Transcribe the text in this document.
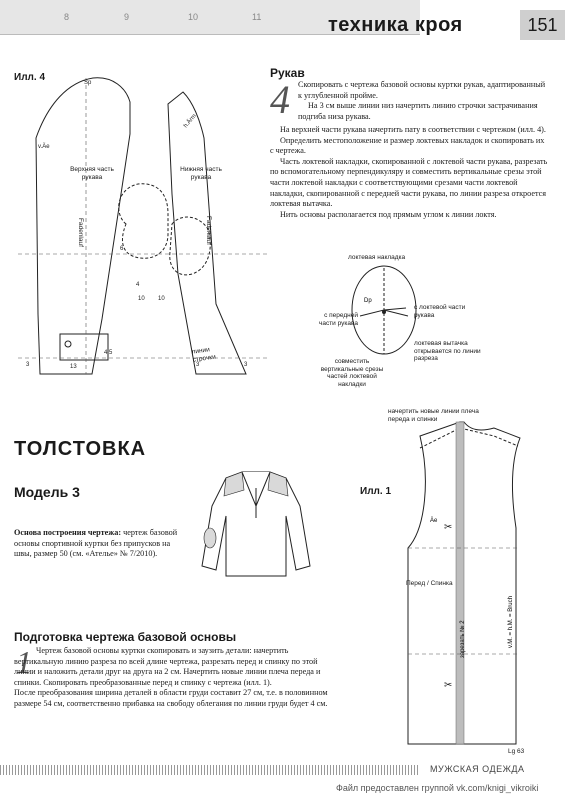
8	9	10	11	техника кроя	151
Илл. 4	Sp
v.Äe
h.Ärm
4
6
10 10
4,5
3	13	3	3
Верхняя часть рукава
Нижняя часть рукава
Fadenlauf	Fadenlauf
линии строчки
Рукав
4 Скопировать с чертежа базовой основы куртки рукав, адаптированный к углубленной пройме.

На 3 см выше линии низ начертить линию строчки застрачивания подгиба низа рукава.

На верхней части рукава начертить пату в соответствии с чертежом (илл. 4).

Определить местоположение и размер локтевых накладок и скопировать их с чертежа.

Часть локтевой накладки, скопированной с локтевой части рукава, разрезать по вспомогательному перпендикуляру и совместить вертикальные срезы этой части локтевой накладки с соответствующими срезами части локтевой накладки, скопированной с передней части рукава, по линии разреза откроется локтевая вытачка.

Нить основы располагается под прямым углом к линии локтя.

локтевая накладка
Dp
с локтевой части рукава
с передней части рукава
локтевая вытачка открывается по линии разреза
совместить вертикальные срезы частей локтевой накладки
ТОЛСТОВКА
Модель 3
Основа построения чертежа: чертеж базовой основы спортивной куртки без припусков на швы, размер 50 (см. «Ателье» № 7/2010).
Илл. 1
начертить новые линии плеча переда и спинки
✂
✂
Äe
зарезать № 2	v.M. = h.M. = Bruch
Перед / Спинка
Lg 63
Подготовка чертежа базовой основы
1 Чертеж базовой основы куртки скопировать и заузить детали: начертить вертикальную линию разреза по всей длине чертежа, разрезать перед и спинку по этой линии и наложить детали друг на друга на 2 см. Начертить новые линии плеча переда и спинки. Скопировать преобразованные перед и спинку с чертежа (илл. 1).

После преобразования ширина деталей в области груди составит 27 см, т.е. в половинном размере 54 см, соответственно прибавка на свободу облегания по линии груди будет 4 см.

МУЖСКАЯ ОДЕЖДА
Файл предоставлен группой vk.com/knigi_vikroiki
